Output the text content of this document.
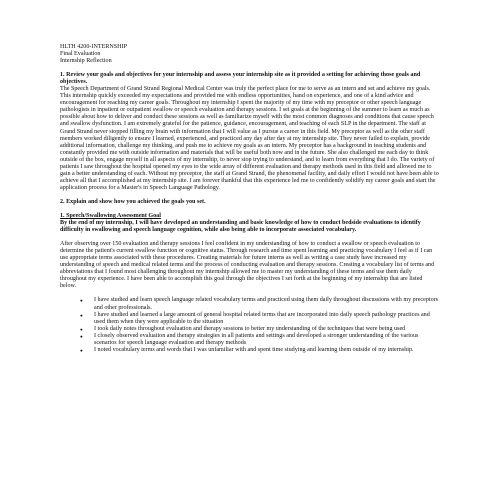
HLTH 4200-INTERNSHIP
Final Evaluation
Internship Reflection

1. Review your goals and objectives for your internship and assess your internship site as it provided a setting for achieving those goals and objectives.

The Speech Department of Grand Strand Regional Medical Center was truly the perfect place for me to serve as an intern and set and achieve my goals. This internship quickly exceeded my expectations and provided me with endless opportunities, hand on experience, and one of a kind advice and encouragement for reaching my career goals. Throughout my internship I spent the majority of my time with my preceptor or other speech language pathologists in inpatient or outpatient swallow or speech evaluation and therapy sessions. I set goals at the beginning of the summer to learn as much as possible about how to deliver and conduct these sessions as well as familiarize myself with the most common diagnoses and conditions that cause speech and swallow dysfunction. I am extremely grateful for the patience, guidance, encouragement, and teaching of each SLP in the department. The staff at Grand Strand never stopped filling my brain with information that I will value as I pursue a career in this field. My preceptor as well as the other staff members worked diligently to ensure I learned, experienced, and practiced any day after day at my internship site. They never failed to explain, provide additional information, challenge my thinking, and push me to achieve my goals as an intern. My preceptor has a background in teaching students and constantly provided me with outside information and materials that will be useful both now and in the future. She also challenged me each day to think outside of the box, engage myself in all aspects of my internship, to never stop trying to understand, and to learn from everything that I do. The variety of patients I saw throughout the hospital opened my eyes to the wide array of different evaluation and therapy methods used in this field and allowed me to gain a better understanding of each. Without my preceptor, the staff at Grand Strand, the phenomenal facility, and daily effort I would not have been able to achieve all that I accomplished at my internship site. I am forever thankful that this experience led me to confidently solidify my career goals and start the application process for a Master's in Speech Language Pathology.

2. Explain and show how you achieved the goals you set.

1. Speech/Swallowing Assessment Goal

By the end of my internship, I will have developed an understanding and basic knowledge of how to conduct bedside evaluations to identify difficulty in swallowing and speech language cognition, while also being able to incorporate associated vocabulary.

After observing over 150 evaluation and therapy sessions I feel confident in my understanding of how to conduct a swallow or speech evaluation to determine the patient's current swallow function or cognitive status. Through research and time spent learning and practicing vocabulary I feel as if I can use appropriate terms associated with these procedures. Creating materials for future interns as well as writing a case study have increased my understanding of speech and medical related terms and the process of conducting evaluation and therapy sessions. Creating a vocabulary list of terms and abbreviations that I found most challenging throughout my internship allowed me to master my understanding of these terms and use them daily throughout my experience. I have been able to accomplish this goal through the objectives I set forth at the beginning of my internship that are listed below.

● I have studied and learn speech language related vocabulary terms and practiced using them daily throughout discussions with my preceptors and other professionals.
● I have studied and learned a large amount of general hospital related terms that are incorporated into daily speech pathology practices and used them when they were applicable to the situation
● I took daily notes throughout evaluation and therapy sessions to better my understanding of the techniques that were being used
● I closely observed evaluation and therapy strategies in all patients and settings and developed a stronger understanding of the various scenarios for speech language evaluation and therapy methods
● I noted vocabulary terms and words that I was unfamiliar with and spent time studying and learning them outside of my internship.
